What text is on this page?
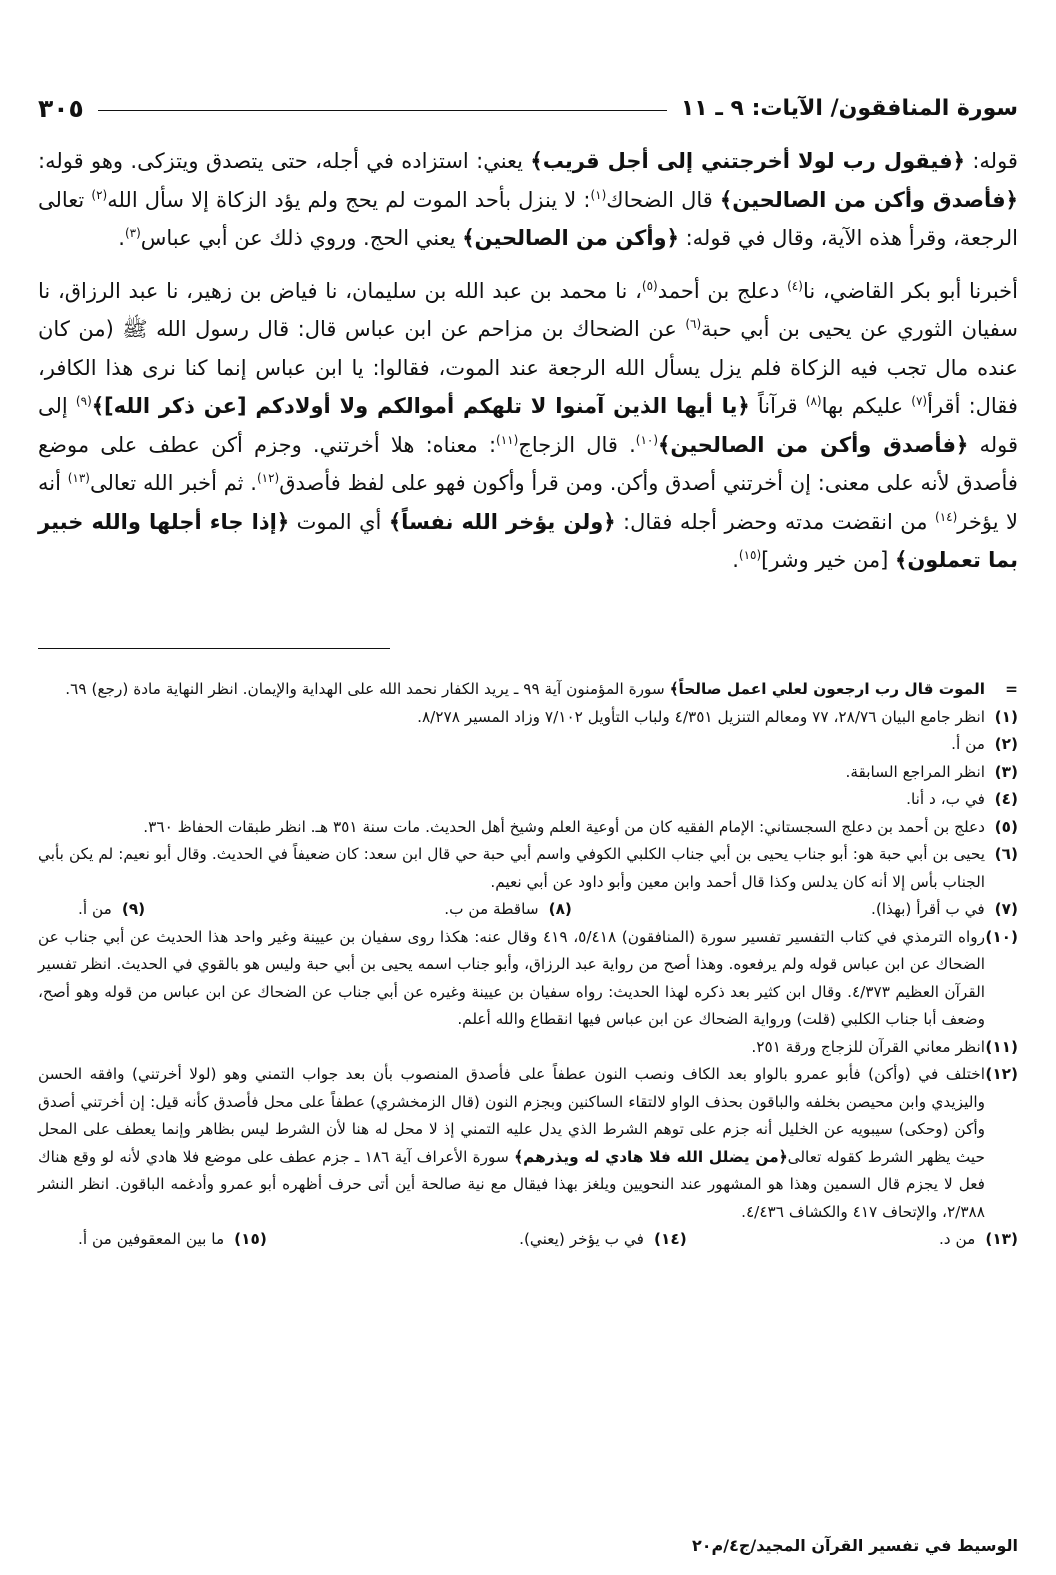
سورة المنافقون/ الآيات: ٩ ـ ١١
٣٠٥

قوله: ﴿فيقول رب لولا أخرجتني إلى أجل قريب﴾ يعني: استزاده في أجله، حتى يتصدق ويتزكى. وهو قوله: ﴿فأصدق وأكن من الصالحين﴾ قال الضحاك$^{(١)}$: لا ينزل بأحد الموت لم يحج ولم يؤد الزكاة إلا سأل الله$^{(٢)}$ تعالى الرجعة، وقرأ هذه الآية، وقال في قوله: ﴿وأكن من الصالحين﴾ يعني الحج. وروي ذلك عن أبي عباس$^{(٣)}$.

أخبرنا أبو بكر القاضي، نا$^{(٤)}$ دعلج بن أحمد$^{(٥)}$، نا محمد بن عبد الله بن سليمان، نا فياض بن زهير، نا عبد الرزاق، نا سفيان الثوري عن يحيى بن أبي حبة$^{(٦)}$ عن الضحاك بن مزاحم عن ابن عباس قال: قال رسول الله ﷺ (من كان عنده مال تجب فيه الزكاة فلم يزل يسأل الله الرجعة عند الموت، فقالوا: يا ابن عباس إنما كنا نرى هذا الكافر، فقال: أقرأ$^{(٧)}$ عليكم بها$^{(٨)}$ قرآناً ﴿يا أيها الذين آمنوا لا تلهكم أموالكم ولا أولادكم [عن ذكر الله]﴾$^{(٩)}$ إلى قوله ﴿فأصدق وأكن من الصالحين﴾$^{(١٠)}$. قال الزجاج$^{(١١)}$: معناه: هلا أخرتني. وجزم أكن عطف على موضع فأصدق لأنه على معنى: إن أخرتني أصدق وأكن. ومن قرأ وأكون فهو على لفظ فأصدق$^{(١٢)}$. ثم أخبر الله تعالى$^{(١٣)}$ أنه لا يؤخر$^{(١٤)}$ من انقضت مدته وحضر أجله فقال: ﴿ولن يؤخر الله نفساً﴾ أي الموت ﴿إذا جاء أجلها والله خبير بما تعملون﴾ [من خير وشر]$^{(١٥)}$.

=
الموت قال رب ارجعون لعلي اعمل صالحاً﴾ سورة المؤمنون آية ٩٩ ـ يريد الكفار نحمد الله على الهداية والإيمان. انظر النهاية مادة (رجع) ٦٩.
(١)
انظر جامع البيان ٢٨/٧٦، ٧٧ ومعالم التنزيل ٤/٣٥١ ولباب التأويل ٧/١٠٢ وزاد المسير ٨/٢٧٨.
(٢)
من أ.
(٣)
انظر المراجع السابقة.
(٤)
في ب، د أنا.
(٥)
دعلج بن أحمد بن دعلج السجستاني: الإمام الفقيه كان من أوعية العلم وشيخ أهل الحديث. مات سنة ٣٥١ هـ. انظر طبقات الحفاظ ٣٦٠.
(٦)
يحيى بن أبي حبة هو: أبو جناب يحيى بن أبي جناب الكلبي الكوفي واسم أبي حبة حي قال ابن سعد: كان ضعيفاً في الحديث. وقال أبو نعيم: لم يكن بأبي الجناب بأس إلا أنه كان يدلس وكذا قال أحمد وابن معين وأبو داود عن أبي نعيم.
(٧)
في ب أقرأ (بهذا).
(٨)
ساقطة من ب.
(٩)
من أ.
(١٠)
رواه الترمذي في كتاب التفسير تفسير سورة (المنافقون) ٥/٤١٨، ٤١٩ وقال عنه: هكذا روى سفيان بن عيينة وغير واحد هذا الحديث عن أبي جناب عن الضحاك عن ابن عباس قوله ولم يرفعوه. وهذا أصح من رواية عبد الرزاق، وأبو جناب اسمه يحيى بن أبي حبة وليس هو بالقوي في الحديث. انظر تفسير القرآن العظيم ٤/٣٧٣. وقال ابن كثير بعد ذكره لهذا الحديث: رواه سفيان بن عيينة وغيره عن أبي جناب عن الضحاك عن ابن عباس من قوله وهو أصح، وضعف أبا جناب الكلبي (قلت) ورواية الضحاك عن ابن عباس فيها انقطاع والله أعلم.
(١١)
انظر معاني القرآن للزجاج ورقة ٢٥١.
(١٢)
اختلف في (وأكن) فأبو عمرو بالواو بعد الكاف ونصب النون عطفاً على فأصدق المنصوب بأن بعد جواب التمني وهو (لولا أخرتني) وافقه الحسن واليزيدي وابن محيصن بخلفه والباقون بحذف الواو لالتقاء الساكنين وبجزم النون (قال الزمخشري) عطفاً على محل فأصدق كأنه قيل: إن أخرتني أصدق وأكن (وحكى) سيبويه عن الخليل أنه جزم على توهم الشرط الذي يدل عليه التمني إذ لا محل له هنا لأن الشرط ليس بظاهر وإنما يعطف على المحل حيث يظهر الشرط كقوله تعالى﴿من يضلل الله فلا هادي له ويذرهم﴾ سورة الأعراف آية ١٨٦ ـ جزم عطف على موضع فلا هادي لأنه لو وقع هناك فعل لا يجزم قال السمين وهذا هو المشهور عند النحويين ويلغز بهذا فيقال مع نية صالحة أين أتى حرف أظهره أبو عمرو وأدغمه الباقون. انظر النشر ٢/٣٨٨، والإتحاف ٤١٧ والكشاف ٤/٤٣٦.
(١٣)
من د.
(١٤)
في ب يؤخر (يعني).
(١٥)
ما بين المعقوفين من أ.
الوسيط في تفسير القرآن المجيد/ج٤/م٢٠
